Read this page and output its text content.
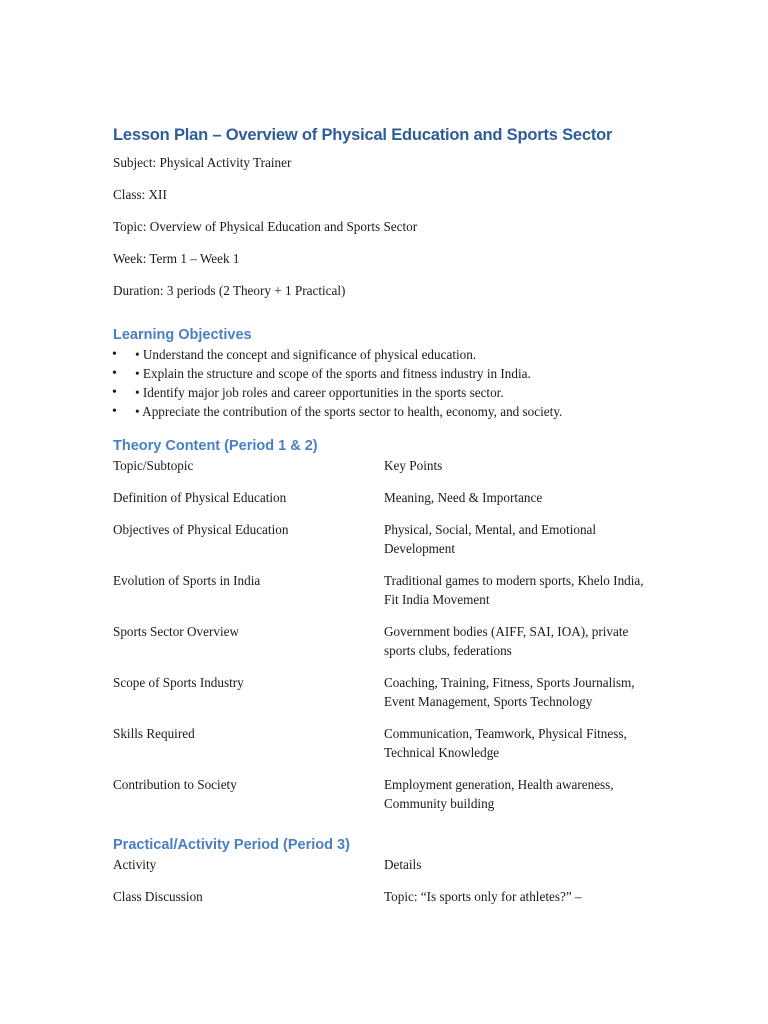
Lesson Plan – Overview of Physical Education and Sports Sector

Subject: Physical Activity Trainer

Class: XII

Topic: Overview of Physical Education and Sports Sector

Week: Term 1 – Week 1

Duration: 3 periods (2 Theory + 1 Practical)

Learning Objectives
• • Understand the concept and significance of physical education.
• • Explain the structure and scope of the sports and fitness industry in India.
• • Identify major job roles and career opportunities in the sports sector.
• • Appreciate the contribution of the sports sector to health, economy, and society.
Theory Content (Period 1 & 2)
Topic/Subtopic	Key Points
Definition of Physical Education	Meaning, Need & Importance
Objectives of Physical Education	Physical, Social, Mental, and Emotional Development
Evolution of Sports in India	Traditional games to modern sports, Khelo India, Fit India Movement
Sports Sector Overview	Government bodies (AIFF, SAI, IOA), private sports clubs, federations
Scope of Sports Industry	Coaching, Training, Fitness, Sports Journalism, Event Management, Sports Technology
Skills Required	Communication, Teamwork, Physical Fitness, Technical Knowledge
Contribution to Society	Employment generation, Health awareness, Community building
Practical/Activity Period (Period 3)
Activity	Details
Class Discussion	Topic: “Is sports only for athletes?” –
